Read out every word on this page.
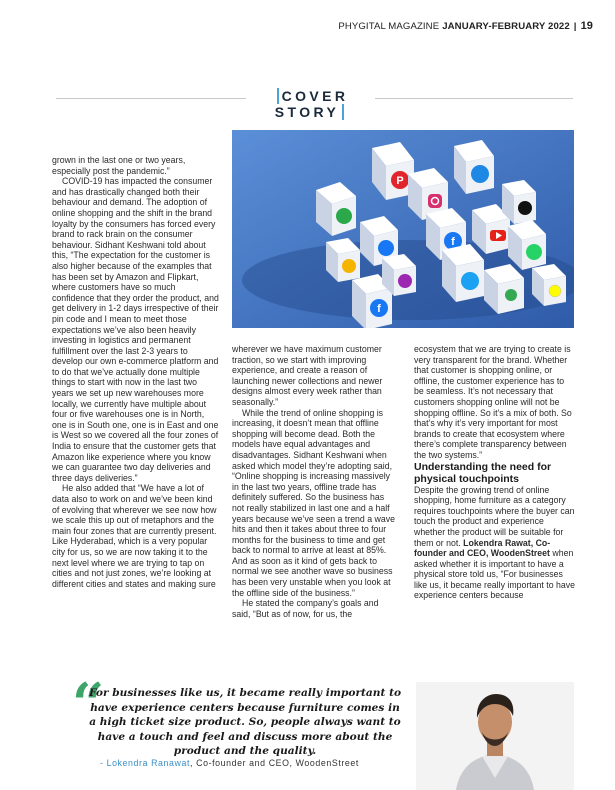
PHYGITAL MAGAZINE JANUARY-FEBRUARY 2022 | 19
COVER STORY
P
f
f

grown in the last one or two years, especially post the pandemic.”

COVID-19 has impacted the consumer and has drastically changed both their behaviour and demand. The adoption of online shopping and the shift in the brand loyalty by the consumers has forced every brand to rack brain on the consumer behaviour. Sidhant Keshwani told about this, “The expectation for the customer is also higher because of the examples that has been set by Amazon and Flipkart, where customers have so much confidence that they order the product, and get delivery in 1-2 days irrespective of their pin code and I mean to meet those expectations we’ve also been heavily investing in logistics and permanent fulfillment over the last 2-3 years to develop our own e-commerce platform and to do that we’ve actually done multiple things to start with now in the last two years we set up new warehouses more locally, we currently have multiple about four or five warehouses one is in North, one is in South one, one is in East and one is West so we covered all the four zones of India to ensure that the customer gets that Amazon like experience where you know we can guarantee two day deliveries and three days deliveries.”

He also added that “We have a lot of data also to work on and we’ve been kind of evolving that wherever we see now how we scale this up out of metaphors and the main four zones that are currently present. Like Hyderabad, which is a very popular city for us, so we are now taking it to the next level where we are trying to tap on cities and not just zones, we’re looking at different cities and states and making sure

wherever we have maximum customer traction, so we start with improving experience, and create a reason of launching newer collections and newer designs almost every week rather than seasonally.”

While the trend of online shopping is increasing, it doesn’t mean that offline shopping will become dead. Both the models have equal advantages and disadvantages. Sidhant Keshwani when asked which model they’re adopting said, “Online shopping is increasing massively in the last two years, offline trade has definitely suffered. So the business has not really stabilized in last one and a half years because we’ve seen a trend a wave hits and then it takes about three to four months for the business to time and get back to normal to arrive at least at 85%. And as soon as it kind of gets back to normal we see another wave so business has been very unstable when you look at the offline side of the business.”

He stated the company’s goals and said, “But as of now, for us, the

ecosystem that we are trying to create is very transparent for the brand. Whether that customer is shopping online, or offline, the customer experience has to be seamless. It’s not necessary that customers shopping online will not be shopping offline. So it’s a mix of both. So that’s why it’s very important for most brands to create that ecosystem where there’s complete transparency between the two systems.”

Understanding the need for physical touchpoints

Despite the growing trend of online shopping, home furniture as a category requires touchpoints where the buyer can touch the product and experience whether the product will be suitable for them or not. Lokendra Rawat, Co-founder and CEO, WoodenStreet when asked whether it is important to have a physical store told us, “For businesses like us, it became really important to have experience centers because

“
For businesses like us, it became really important to have experience centers because furniture comes in a high ticket size product. So, people always want to have a touch and feel and discuss more about the product and the quality.
- Lokendra Ranawat, Co-founder and CEO, WoodenStreet
